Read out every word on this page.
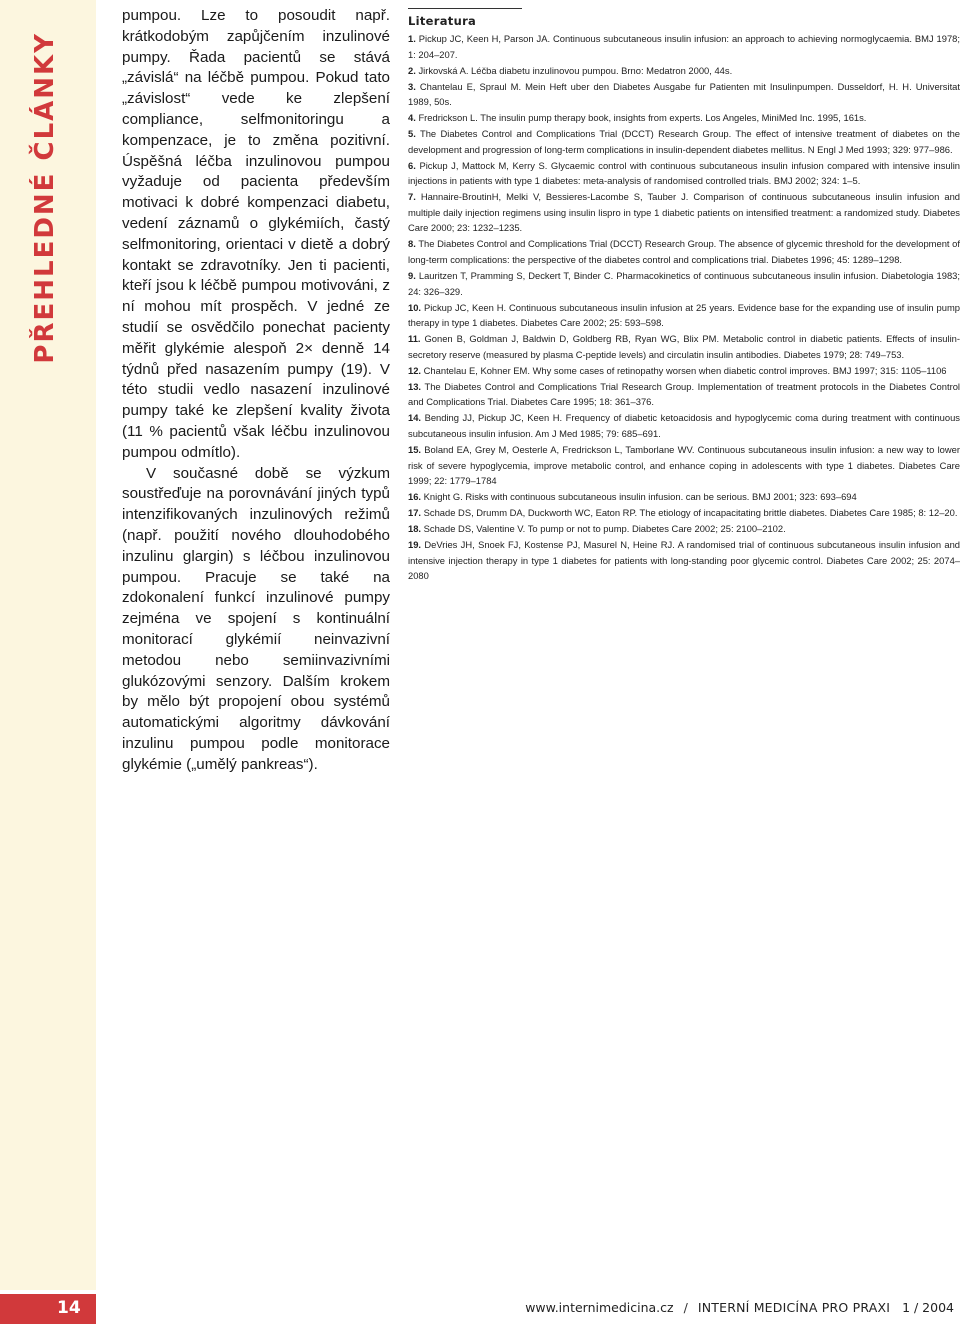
PŘEHLEDNÉ ČLÁNKY

pumpou. Lze to posoudit např. krátkodobým zapůjčením inzulinové pumpy. Řada pacientů se stává „závislá“ na léčbě pumpou. Pokud tato „závislost“ vede ke zlepšení compliance, selfmonitoringu a kompenzace, je to změna pozitivní. Úspěšná léčba inzulinovou pumpou vyžaduje od pacienta především motivaci k dobré kompenzaci diabetu, vedení záznamů o glykémiích, častý selfmonitoring, orientaci v dietě a dobrý kontakt se zdravotníky. Jen ti pacienti, kteří jsou k léčbě pumpou motivováni, z ní mohou mít prospěch. V jedné ze studií se osvědčilo ponechat pacienty měřit glykémie alespoň 2× denně 14 týdnů před nasazením pumpy (19). V této studii vedlo nasazení inzulinové pumpy také ke zlepšení kvality života (11 % pacientů však léčbu inzulinovou pumpou odmítlo).

V současné době se výzkum soustřeďuje na porovnávání jiných typů intenzifikovaných inzulinových režimů (např. použití nového dlouhodobého inzulinu glargin) s léčbou inzulinovou pumpou. Pracuje se také na zdokonalení funkcí inzulinové pumpy zejména ve spojení s kontinuální monitorací glykémií neinvazivní metodou nebo semiinvazivními glukózovými senzory. Dalším krokem by mělo být propojení obou systémů automatickými algoritmy dávkování inzulinu pumpou podle monitorace glykémie („umělý pankreas“).

Literatura
1. Pickup JC, Keen H, Parson JA. Continuous subcutaneous insulin infusion: an approach to achieving normoglycaemia. BMJ 1978; 1: 204–207.
2. Jirkovská A. Léčba diabetu inzulinovou pumpou. Brno: Medatron 2000, 44s.
3. Chantelau E, Spraul M. Mein Heft uber den Diabetes Ausgabe fur Patienten mit Insulinpumpen. Dusseldorf, H. H. Universitat 1989, 50s.
4. Fredrickson L. The insulin pump therapy book, insights from experts. Los Angeles, MiniMed Inc. 1995, 161s.
5. The Diabetes Control and Complications Trial (DCCT) Research Group. The effect of intensive treatment of diabetes on the development and progression of long-term complications in insulin-dependent diabetes mellitus. N Engl J Med 1993; 329: 977–986.
6. Pickup J, Mattock M, Kerry S. Glycaemic control with continuous subcutaneous insulin infusion compared with intensive insulin injections in patients with type 1 diabetes: meta-analysis of randomised controlled trials. BMJ 2002; 324: 1–5.
7. Hannaire-BroutinH, Melki V, Bessieres-Lacombe S, Tauber J. Comparison of continuous subcutaneous insulin infusion and multiple daily injection regimens using insulin lispro in type 1 diabetic patients on intensified treatment: a randomized study. Diabetes Care 2000; 23: 1232–1235.
8. The Diabetes Control and Complications Trial (DCCT) Research Group. The absence of glycemic threshold for the development of long-term complications: the perspective of the diabetes control and complications trial. Diabetes 1996; 45: 1289–1298.
9. Lauritzen T, Pramming S, Deckert T, Binder C. Pharmacokinetics of continuous subcutaneous insulin infusion. Diabetologia 1983; 24: 326–329.
10. Pickup JC, Keen H. Continuous subcutaneous insulin infusion at 25 years. Evidence base for the expanding use of insulin pump therapy in type 1 diabetes. Diabetes Care 2002; 25: 593–598.
11. Gonen B, Goldman J, Baldwin D, Goldberg RB, Ryan WG, Blix PM. Metabolic control in diabetic patients. Effects of insulin-secretory reserve (measured by plasma C-peptide levels) and circulatin insulin antibodies. Diabetes 1979; 28: 749–753.
12. Chantelau E, Kohner EM. Why some cases of retinopathy worsen when diabetic control improves. BMJ 1997; 315: 1105–1106
13. The Diabetes Control and Complications Trial Research Group. Implementation of treatment protocols in the Diabetes Control and Complications Trial. Diabetes Care 1995; 18: 361–376.
14. Bending JJ, Pickup JC, Keen H. Frequency of diabetic ketoacidosis and hypoglycemic coma during treatment with continuous subcutaneous insulin infusion. Am J Med 1985; 79: 685–691.
15. Boland EA, Grey M, Oesterle A, Fredrickson L, Tamborlane WV. Continuous subcutaneous insulin infusion: a new way to lower risk of severe hypoglycemia, improve metabolic control, and enhance coping in adolescents with type 1 diabetes. Diabetes Care 1999; 22: 1779–1784
16. Knight G. Risks with continuous subcutaneous insulin infusion. can be serious. BMJ 2001; 323: 693–694
17. Schade DS, Drumm DA, Duckworth WC, Eaton RP. The etiology of incapacitating brittle diabetes. Diabetes Care 1985; 8: 12–20.
18. Schade DS, Valentine V. To pump or not to pump. Diabetes Care 2002; 25: 2100–2102.
19. DeVries JH, Snoek FJ, Kostense PJ, Masurel N, Heine RJ. A randomised trial of continuous subcutaneous insulin infusion and intensive injection therapy in type 1 diabetes for patients with long-standing poor glycemic control. Diabetes Care 2002; 25: 2074–2080
14	www.internimedicina.cz / INTERNÍ MEDICÍNA PRO PRAXI 1 / 2004
